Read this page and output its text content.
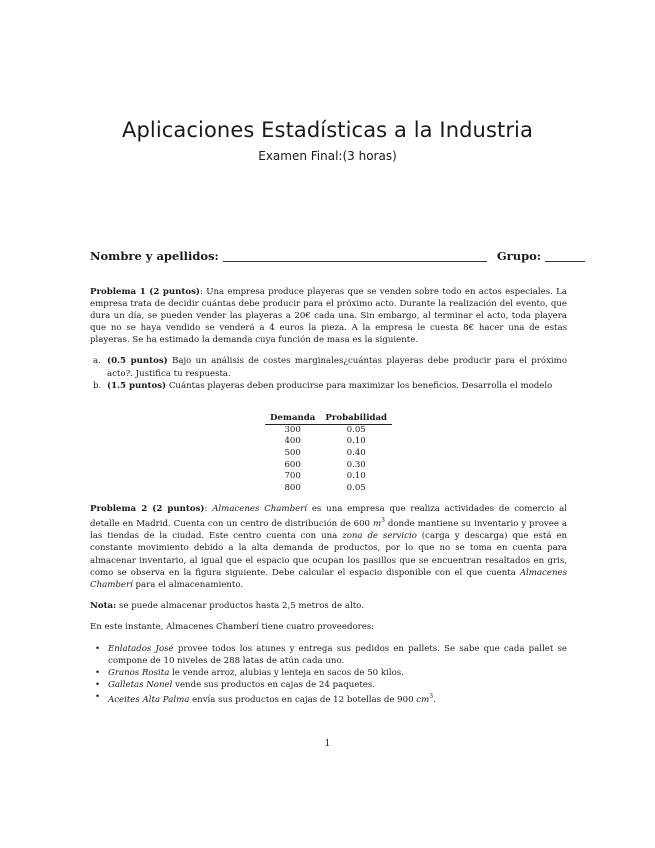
Aplicaciones Estadísticas a la Industria
Examen Final:(3 horas)
Nombre y apellidos:	Grupo:

Problema 1 (2 puntos): Una empresa produce playeras que se venden sobre todo en actos especiales. La empresa trata de decidir cuántas debe producir para el próximo acto. Durante la realización del evento, que dura un día, se pueden vender las playeras a 20€ cada una. Sin embargo, al terminar el acto, toda playera que no se haya vendido se venderá a 4 euros la pieza. A la empresa le cuesta 8€ hacer una de estas playeras. Se ha estimado la demanda cuya función de masa es la siguiente.

a. (0.5 puntos) Bajo un análisis de costes marginales¿cuántas playeras debe producir para el próximo acto?. Justifica tu respuesta.
b. (1.5 puntos) Cuántas playeras deben producirse para maximizar los beneficios. Desarrolla el modelo
Demanda	Probabilidad
300	0.05
400	0.10
500	0.40
600	0.30
700	0.10
800	0.05

Problema 2 (2 puntos): Almacenes Chamberí es una empresa que realiza actividades de comercio al detalle en Madrid. Cuenta con un centro de distribución de 600 $m^3$ donde mantiene su inventario y provee a las tiendas de la ciudad. Este centro cuenta con una zona de servicio (carga y descarga) que está en constante movimiento debido a la alta demanda de productos, por lo que no se toma en cuenta para almacenar inventario, al igual que el espacio que ocupan los pasillos que se encuentran resaltados en gris, como se observa en la figura siguiente. Debe calcular el espacio disponible con el que cuenta Almacenes Chamberí para el almacenamiento.

Nota: se puede almacenar productos hasta 2,5 metros de alto.

En este instante, Almacenes Chamberí tiene cuatro proveedores:

• Enlatados José provee todos los atunes y entrega sus pedidos en pallets. Se sabe que cada pallet se compone de 10 niveles de 288 latas de atún cada uno.
• Granos Rosita le vende arroz, alubias y lenteja en sacos de 50 kilos.
• Galletas Nonel vende sus productos en cajas de 24 paquetes.
• Aceites Alta Palma envía sus productos en cajas de 12 botellas de 900 $cm^3$.
1
